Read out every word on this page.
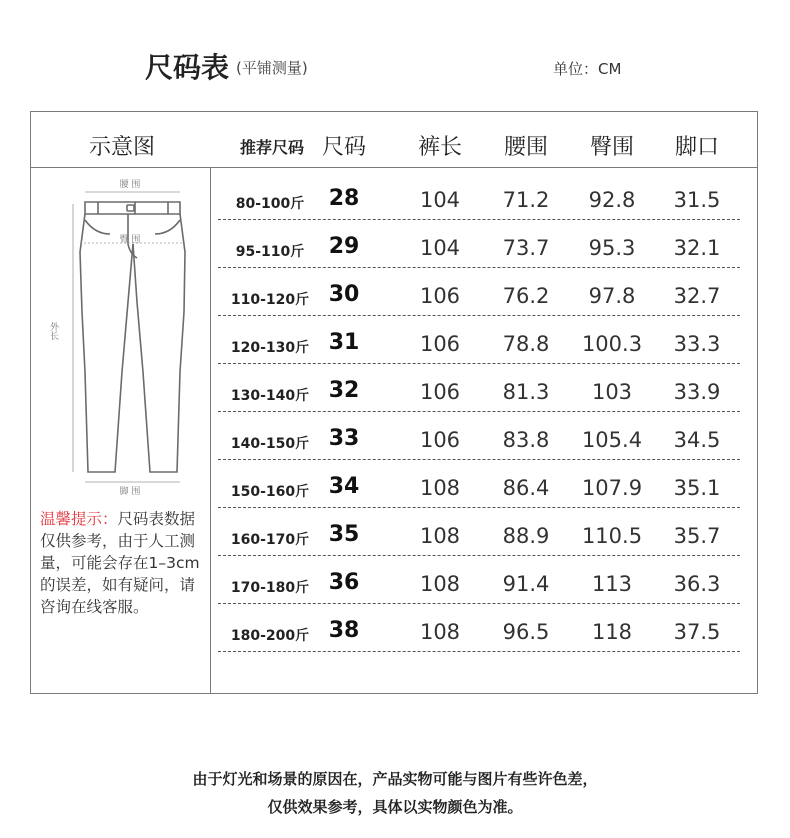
尺码表 (平铺测量)	单位：CM
示意图	推荐尺码 尺码 裤长 腰围 臀围 脚口
腰 围
臀 围
脚 围
外长
温馨提示：尺码表数据仅供参考，由于人工测量，可能会存在1–3cm的误差，如有疑问，请咨询在线客服。
80-100斤 28	104 71.2 92.8 31.5
95-110斤 29	104 73.7 95.3 32.1
110-120斤 30	106 76.2 97.8 32.7
120-130斤 31	106 78.8 100.3 33.3
130-140斤 32	106 81.3 103 33.9
140-150斤 33	106 83.8 105.4 34.5
150-160斤 34	108 86.4 107.9 35.1
160-170斤 35	108 88.9 110.5 35.7
170-180斤 36	108 91.4 113 36.3
180-200斤 38	108 96.5 118 37.5
由于灯光和场景的原因在，产品实物可能与图片有些许色差，
仅供效果参考，具体以实物颜色为准。
